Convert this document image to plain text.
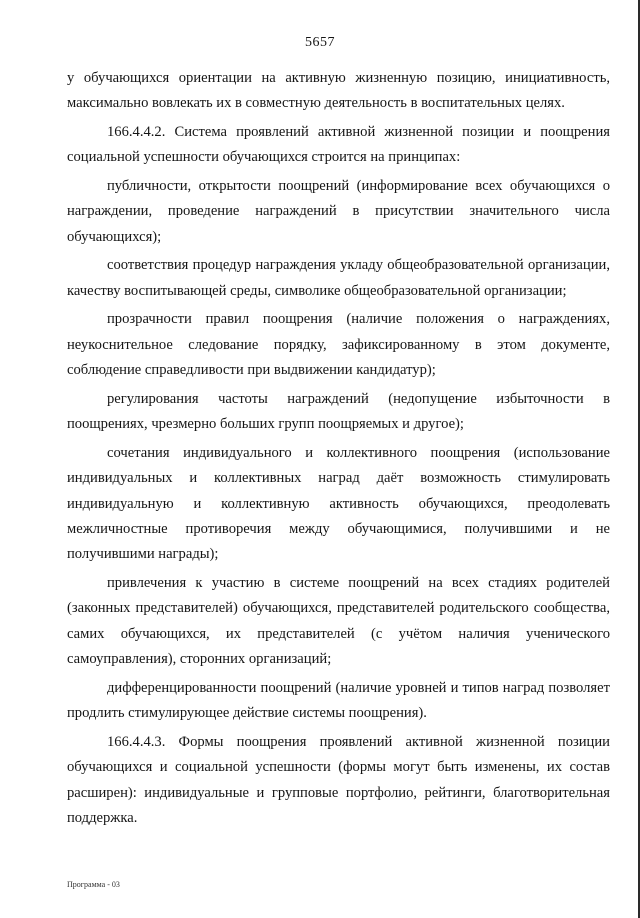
5657

у обучающихся ориентации на активную жизненную позицию, инициативность, максимально вовлекать их в совместную деятельность в воспитательных целях.

166.4.4.2. Система проявлений активной жизненной позиции и поощрения социальной успешности обучающихся строится на принципах:

публичности, открытости поощрений (информирование всех обучающихся о награждении, проведение награждений в присутствии значительного числа обучающихся);

соответствия процедур награждения укладу общеобразовательной организации, качеству воспитывающей среды, символике общеобразовательной организации;

прозрачности правил поощрения (наличие положения о награждениях, неукоснительное следование порядку, зафиксированному в этом документе, соблюдение справедливости при выдвижении кандидатур);

регулирования частоты награждений (недопущение избыточности в поощрениях, чрезмерно больших групп поощряемых и другое);

сочетания индивидуального и коллективного поощрения (использование индивидуальных и коллективных наград даёт возможность стимулировать индивидуальную и коллективную активность обучающихся, преодолевать межличностные противоречия между обучающимися, получившими и не получившими награды);

привлечения к участию в системе поощрений на всех стадиях родителей (законных представителей) обучающихся, представителей родительского сообщества, самих обучающихся, их представителей (с учётом наличия ученического самоуправления), сторонних организаций;

дифференцированности поощрений (наличие уровней и типов наград позволяет продлить стимулирующее действие системы поощрения).

166.4.4.3. Формы поощрения проявлений активной жизненной позиции обучающихся и социальной успешности (формы могут быть изменены, их состав расширен): индивидуальные и групповые портфолио, рейтинги, благотворительная поддержка.

Программа - 03
